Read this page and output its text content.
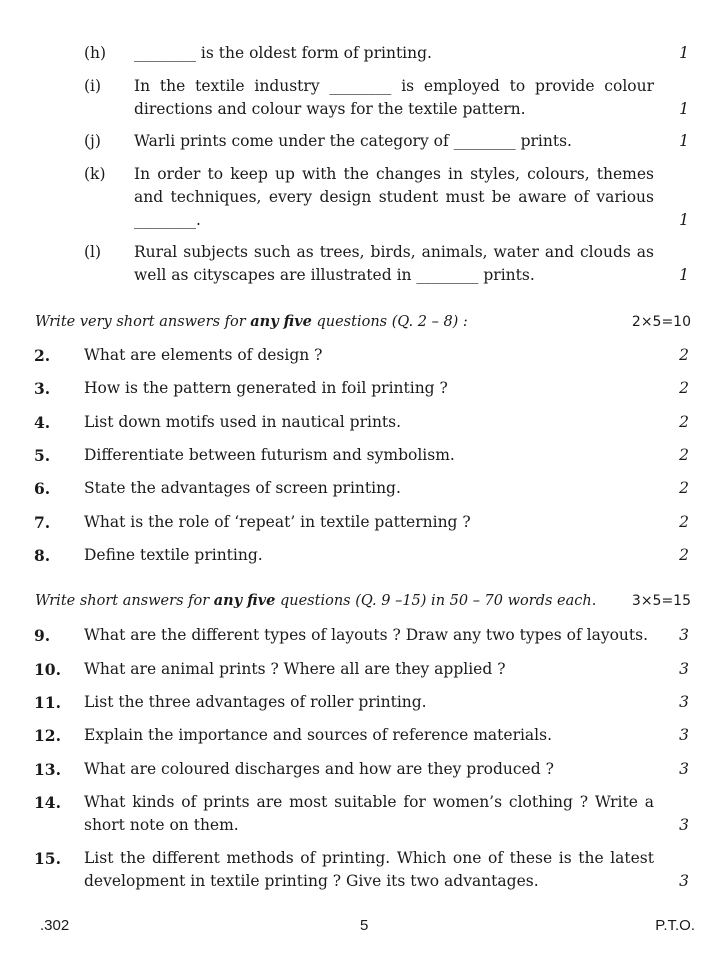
(h) ________ is the oldest form of printing.	1
(i) In the textile industry ________ is employed to provide colour directions and colour ways for the textile pattern.	1
(j) Warli prints come under the category of ________ prints.	1
(k) In order to keep up with the changes in styles, colours, themes and techniques, every design student must be aware of various ________.	1
(l) Rural subjects such as trees, birds, animals, water and clouds as well as cityscapes are illustrated in ________ prints.	1
Write very short answers for any five questions (Q. 2 – 8) :	2×5=10
2. What are elements of design ?	2
3. How is the pattern generated in foil printing ?	2
4. List down motifs used in nautical prints.	2
5. Differentiate between futurism and symbolism.	2
6. State the advantages of screen printing.	2
7. What is the role of ‘repeat’ in textile patterning ?	2
8. Define textile printing.	2
Write short answers for any five questions (Q. 9 –15) in 50 – 70 words each.	3×5=15
9. What are the different types of layouts ? Draw any two types of layouts.	3
10. What are animal prints ? Where all are they applied ?	3
11. List the three advantages of roller printing.	3
12. Explain the importance and sources of reference materials.	3
13. What are coloured discharges and how are they produced ?	3
14. What kinds of prints are most suitable for women’s clothing ? Write a short note on them.	3
15. List the different methods of printing. Which one of these is the latest development in textile printing ? Give its two advantages.	3
.302	5	P.T.O.
